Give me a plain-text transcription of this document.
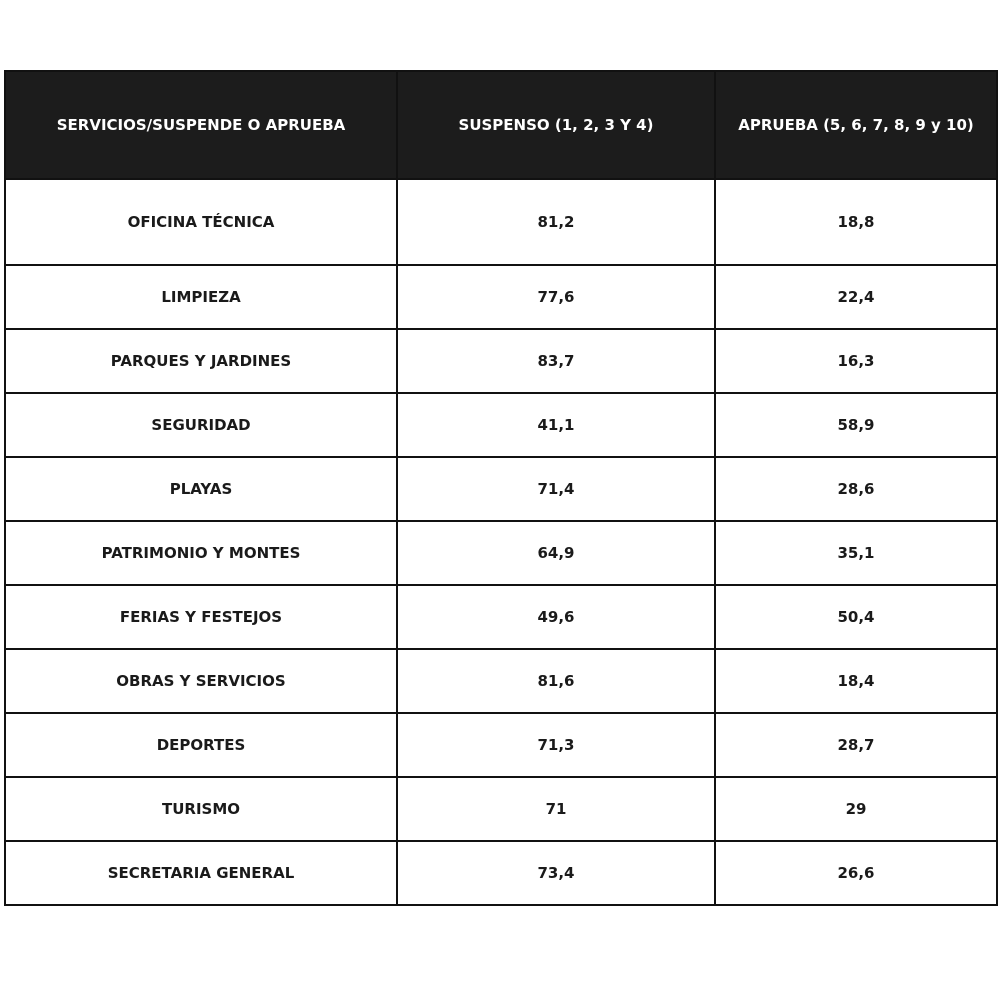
SERVICIOS/SUSPENDE O APRUEBA	SUSPENSO (1, 2, 3 Y 4)	APRUEBA (5, 6, 7, 8, 9 y 10)
OFICINA TÉCNICA	81,2	18,8
LIMPIEZA	77,6	22,4
PARQUES Y JARDINES	83,7	16,3
SEGURIDAD	41,1	58,9
PLAYAS	71,4	28,6
PATRIMONIO Y MONTES	64,9	35,1
FERIAS Y FESTEJOS	49,6	50,4
OBRAS Y SERVICIOS	81,6	18,4
DEPORTES	71,3	28,7
TURISMO	71	29
SECRETARIA GENERAL	73,4	26,6
